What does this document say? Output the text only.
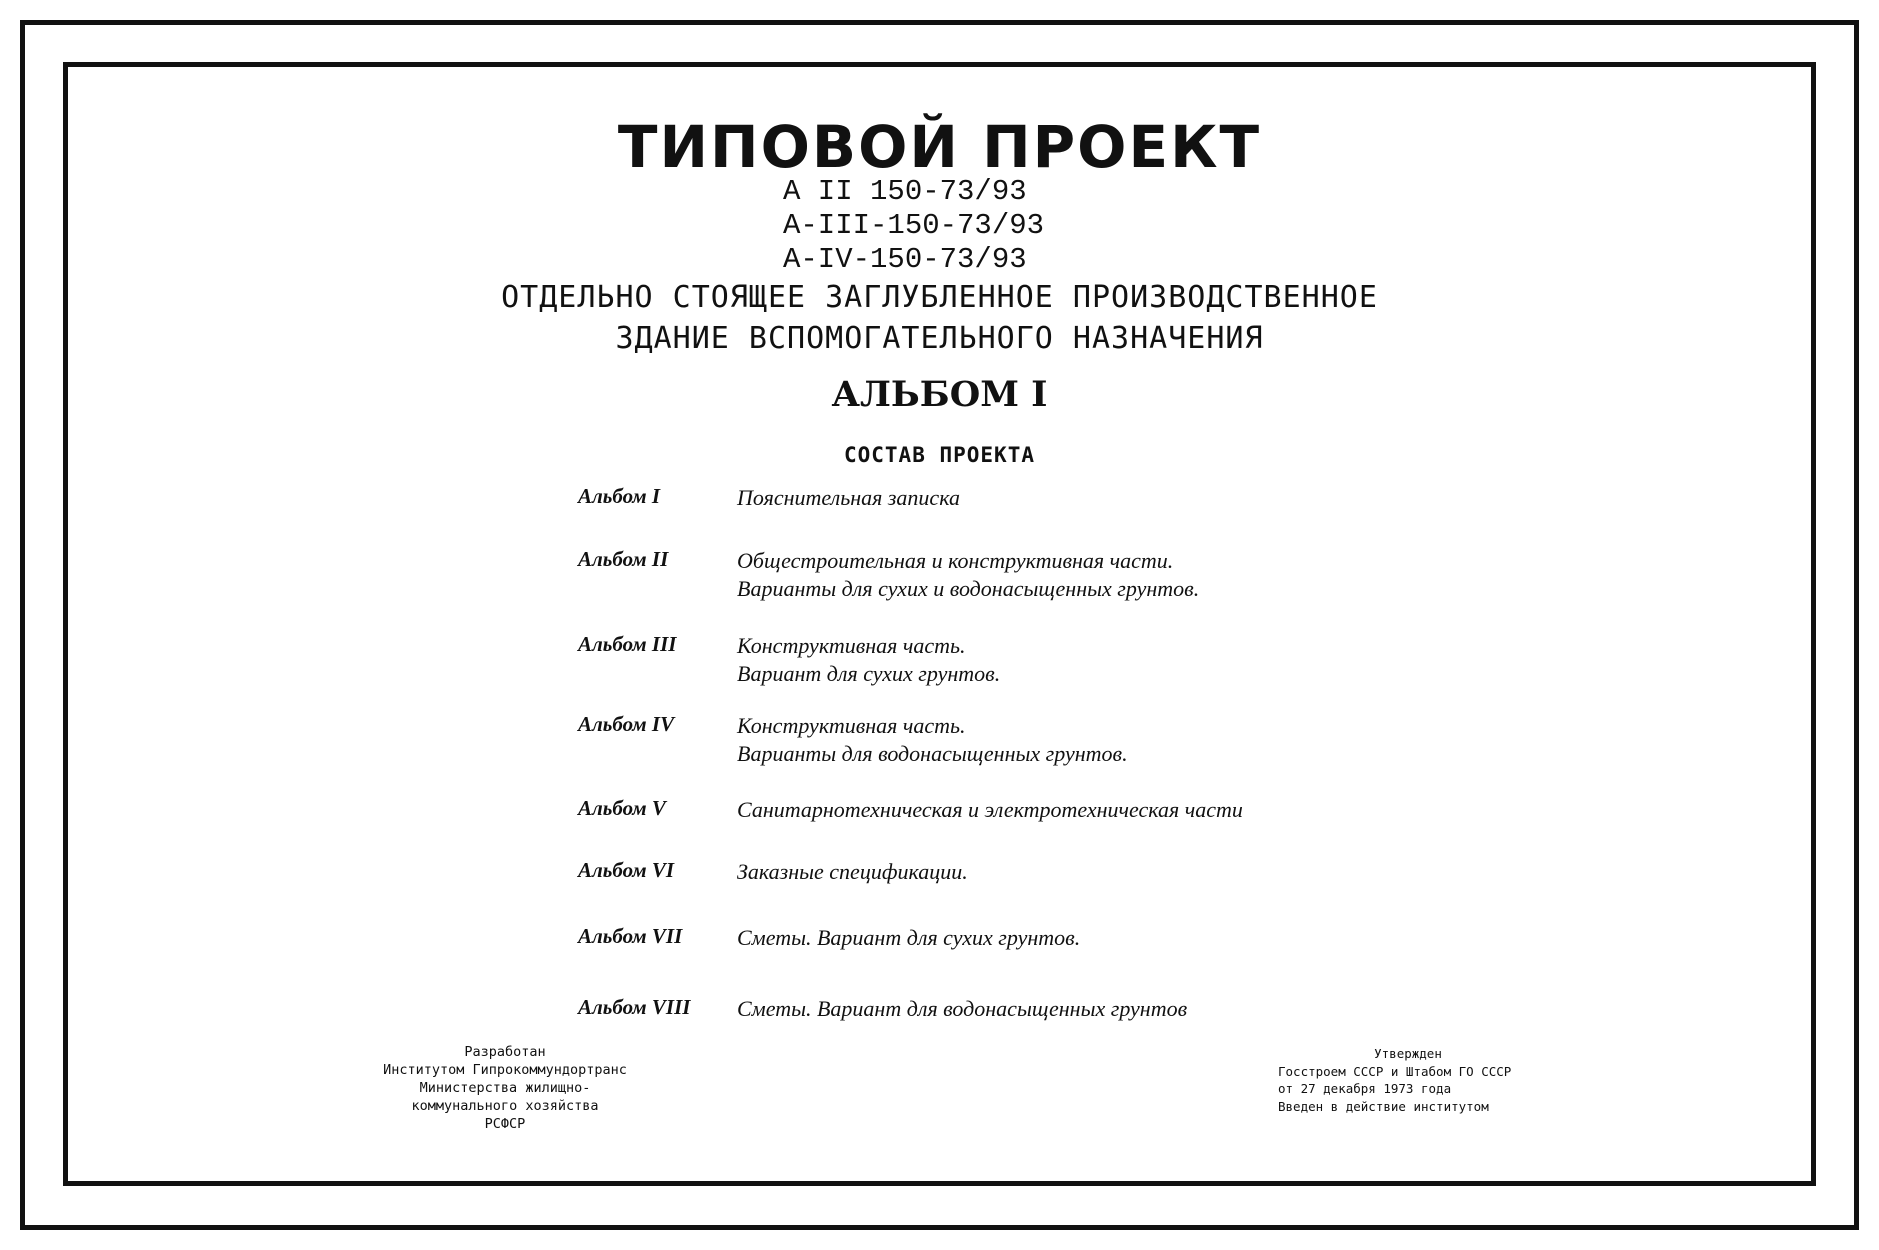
ТИПОВОЙ ПРОЕКТ
А II 150-73/93
А-III-150-73/93
А-IV-150-73/93
ОТДЕЛЬНО СТОЯЩЕЕ ЗАГЛУБЛЕННОЕ ПРОИЗВОДСТВЕННОЕ
ЗДАНИЕ ВСПОМОГАТЕЛЬНОГО НАЗНАЧЕНИЯ
АЛЬБОМ I
СОСТАВ ПРОЕКТА
Альбом I	Пояснительная записка
Альбом II	Общестроительная и конструктивная части.
Варианты для сухих и водонасыщенных грунтов.
Альбом III	Конструктивная часть.
Вариант для сухих грунтов.
Альбом IV	Конструктивная часть.
Варианты для водонасыщенных грунтов.
Альбом V	Санитарнотехническая и электротехническая части
Альбом VI	Заказные спецификации.
Альбом VII Сметы. Вариант для сухих грунтов.
Альбом VIII Сметы. Вариант для водонасыщенных грунтов
Разработан
Институтом Гипрокоммундортранс
Министерства жилищно-
коммунального хозяйства
РСФСР
Утвержден
Госстроем СССР и Штабом ГО СССР
от 27 декабря 1973 года
Введен в действие институтом
